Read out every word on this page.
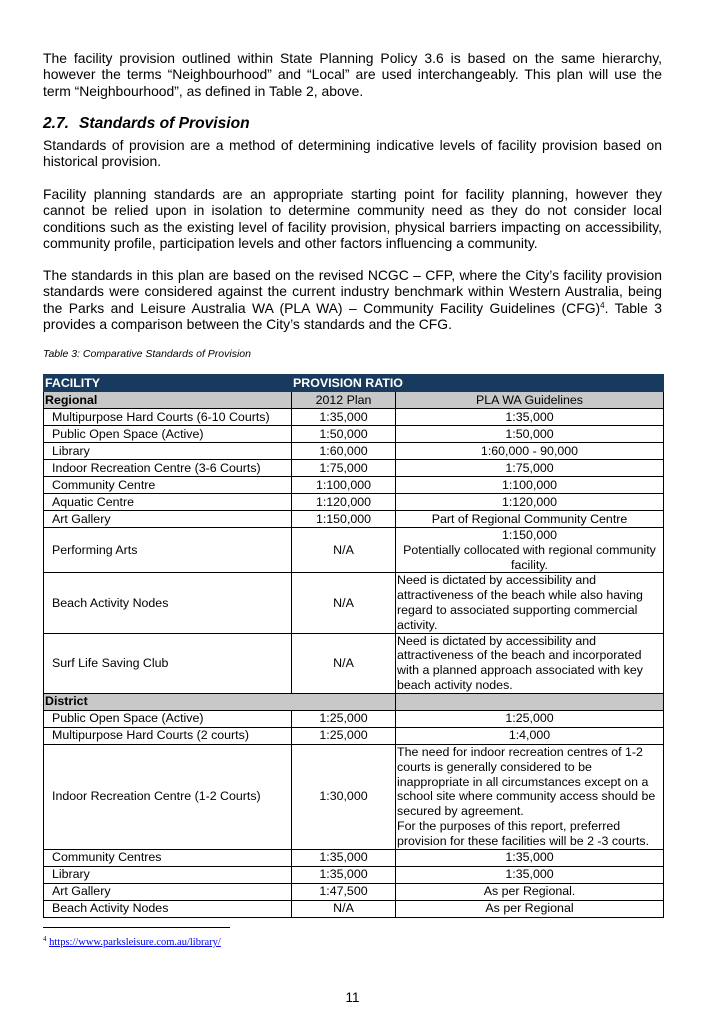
The facility provision outlined within State Planning Policy 3.6 is based on the same hierarchy, however the terms “Neighbourhood” and “Local” are used interchangeably. This plan will use the term “Neighbourhood”, as defined in Table 2, above.

2.7. Standards of Provision

Standards of provision are a method of determining indicative levels of facility provision based on historical provision.

Facility planning standards are an appropriate starting point for facility planning, however they cannot be relied upon in isolation to determine community need as they do not consider local conditions such as the existing level of facility provision, physical barriers impacting on accessibility, community profile, participation levels and other factors influencing a community.

The standards in this plan are based on the revised NCGC – CFP, where the City’s facility provision standards were considered against the current industry benchmark within Western Australia, being the Parks and Leisure Australia WA (PLA WA) – Community Facility Guidelines (CFG)$^4$. Table 3 provides a comparison between the City’s standards and the CFG.

Table 3: Comparative Standards of Provision
FACILITY	PROVISION RATIO	
Regional	2012 Plan	PLA WA Guidelines
Multipurpose Hard Courts (6-10 Courts)	1:35,000	1:35,000
Public Open Space (Active)	1:50,000	1:50,000
Library	1:60,000	1:60,000 - 90,000
Indoor Recreation Centre (3-6 Courts)	1:75,000	1:75,000
Community Centre	1:100,000	1:100,000
Aquatic Centre	1:120,000	1:120,000
Art Gallery	1:150,000	Part of Regional Community Centre
Performing Arts	N/A	1:150,000
Potentially collocated with regional community facility.

Beach Activity Nodes	N/A	Need is dictated by accessibility and attractiveness of the beach while also having regard to associated supporting commercial activity.
Surf Life Saving Club	N/A	Need is dictated by accessibility and attractiveness of the beach and incorporated with a planned approach associated with key beach activity nodes.
District		
Public Open Space (Active)	1:25,000	1:25,000
Multipurpose Hard Courts (2 courts)	1:25,000	1:4,000
Indoor Recreation Centre (1-2 Courts)	1:30,000	The need for indoor recreation centres of 1-2 courts is generally considered to be inappropriate in all circumstances except on a school site where community access should be secured by agreement.
For the purposes of this report, preferred provision for these facilities will be 2 -3 courts.

Community Centres	1:35,000	1:35,000
Library	1:35,000	1:35,000
Art Gallery	1:47,500	As per Regional.
Beach Activity Nodes	N/A	As per Regional
$^4$ https://www.parksleisure.com.au/library/
11
